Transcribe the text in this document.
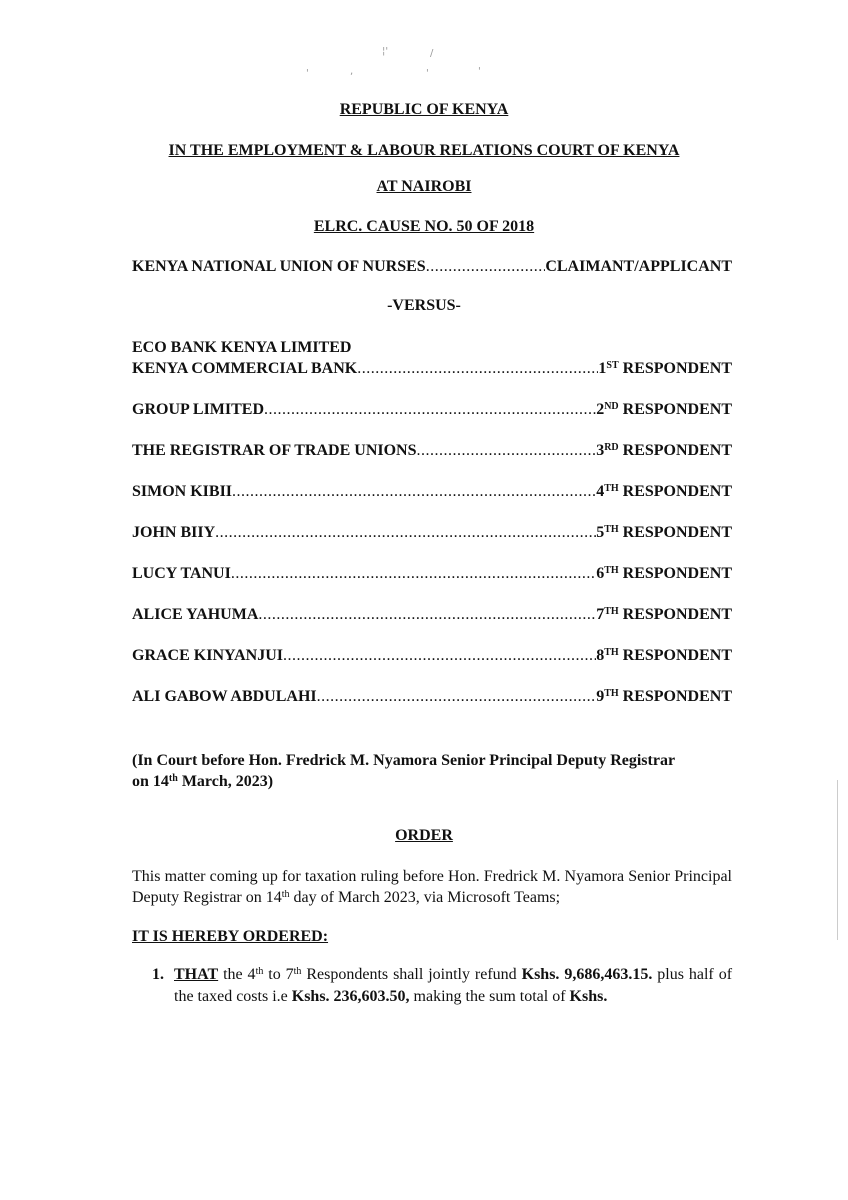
¦'	/
'	,	'	'
REPUBLIC OF KENYA
IN THE EMPLOYMENT & LABOUR RELATIONS COURT OF KENYA
AT NAIROBI
ELRC. CAUSE NO. 50 OF 2018
KENYA NATIONAL UNION OF NURSES .....	CLAIMANT/APPLICANT
-VERSUS-
ECO BANK KENYA LIMITED
KENYA COMMERCIAL BANK .....	1ST RESPONDENT
GROUP LIMITED .....	2ND RESPONDENT
THE REGISTRAR OF TRADE UNIONS .....	3RD RESPONDENT
SIMON KIBII .....	4TH RESPONDENT
JOHN BIIY .....	5TH RESPONDENT
LUCY TANUI .....	6TH RESPONDENT
ALICE YAHUMA .....	7TH RESPONDENT
GRACE KINYANJUI .....	8TH RESPONDENT
ALI GABOW ABDULAHI .....	9TH RESPONDENT
(In Court before Hon. Fredrick M. Nyamora Senior Principal Deputy Registrar
on 14th March, 2023)
ORDER
This matter coming up for taxation ruling before Hon. Fredrick M. Nyamora Senior Principal Deputy Registrar on 14th day of March 2023, via Microsoft Teams;
IT IS HEREBY ORDERED:
1. THAT the 4th to 7th Respondents shall jointly refund Kshs. 9,686,463.15. plus half of the taxed costs i.e Kshs. 236,603.50, making the sum total of Kshs.
